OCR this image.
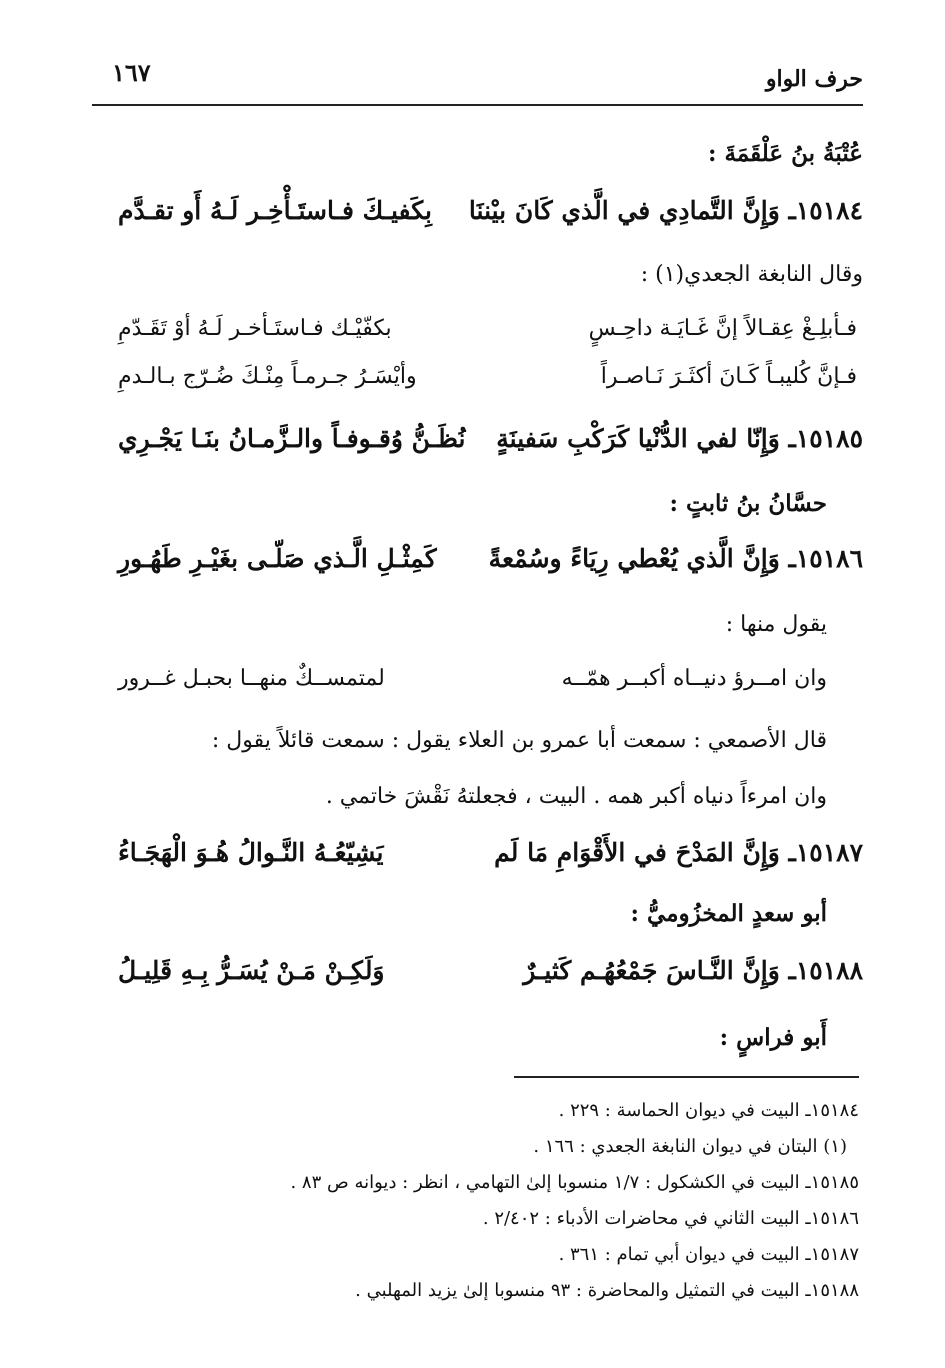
حرف الواو
١٦٧
عُتْبَةُ بنُ عَلْقَمَةَ :
١٥١٨٤ـ وَإِنَّ التَّمادِي في الَّذي كَانَ بيْننَا
بِكَفيـكَ فـاستَـأْخِـر لَـهُ أَو تقـدَّم
وقال النابغة الجعدي(١) :
فـأبلِـغْ عِقـالاً إنَّ غَـايَـة داحِـسٍ
بكفّيْـك فـاستَـأخـر لَـهُ أوْ تَقَـدّمِ
فـإنَّ كُليبـاً كَـانَ أكثَـرَ نَـاصـراً
وأيْسَـرُ جـرمـاً مِنْـكَ ضُـرّج بـالـدمِ
١٥١٨٥ـ وَإِنّا لفي الدُّنْيا كَرَكْبِ سَفينَةٍ
نُظَـنُّ وُقـوفـاً والـزَّمـانُ بنَـا يَجْـرِي
حسَّانُ بنُ ثابتٍ :
١٥١٨٦ـ وَإِنَّ الَّذي يُعْطي رِيَاءً وسُمْعةً
كَمِثْـلِ الَّـذي صَلّـى بغَيْـرِ طَهُـورِ
يقول منها :
وان امــرؤ دنيــاه أكبــر همّــه
لمتمســكٌ منهــا بحبـل غــرور
قال الأصمعي : سمعت أبا عمرو بن العلاء يقول : سمعت قائلاً يقول :
وان امرءاً دنياه أكبر همه . البيت ، فجعلتهُ نَقْشَ خاتمي .
١٥١٨٧ـ وَإِنَّ المَدْحَ في الأَقْوَامِ مَا لَم
يَشِيّعُـهُ النَّـوالُ هُـوَ الْهَجَـاءُ
أبو سعدٍ المخزُوميُّ :
١٥١٨٨ـ وَإِنَّ النَّـاسَ جَمْعُهُـم كَثيـرٌ
وَلَكِـنْ مَـنْ يُسَـرُّ بِـهِ قَلِيـلُ
أَبو فراسٍ :
١٥١٨٤ـ البيت في ديوان الحماسة : ٢٢٩ .
(١) البتان في ديوان النابغة الجعدي : ١٦٦ .
١٥١٨٥ـ البيت في الكشكول : ١/٧ منسوبا إلىٰ التهامي ، انظر : ديوانه ص ٨٣ .
١٥١٨٦ـ البيت الثاني في محاضرات الأدباء : ٢/٤٠٢ .
١٥١٨٧ـ البيت في ديوان أبي تمام : ٣٦١ .
١٥١٨٨ـ البيت في التمثيل والمحاضرة : ٩٣ منسوبا إلىٰ يزيد المهلبي .
